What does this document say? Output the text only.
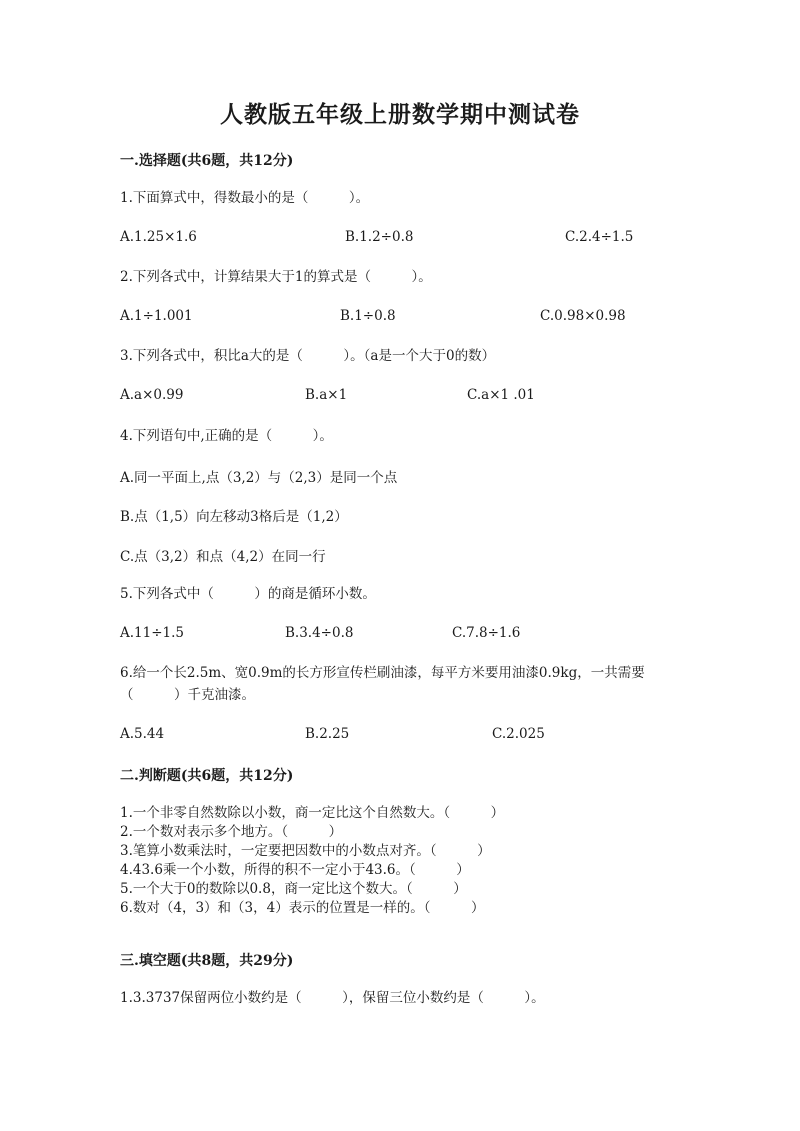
人教版五年级上册数学期中测试卷
一.选择题(共6题，共12分)
1.下面算式中，得数最小的是（　　　）。
A.1.25×1.6	B.1.2÷0.8	C.2.4÷1.5
2.下列各式中，计算结果大于1的算式是（　　　）。
A.1÷1.001	B.1÷0.8	C.0.98×0.98
3.下列各式中，积比a大的是（　　　）。（a是一个大于0的数）
A.a×0.99	B.a×1	C.a×1 .01
4.下列语句中,正确的是（　　　）。
A.同一平面上,点（3,2）与（2,3）是同一个点
B.点（1,5）向左移动3格后是（1,2）
C.点（3,2）和点（4,2）在同一行
5.下列各式中（　　　）的商是循环小数。
A.11÷1.5	B.3.4÷0.8	C.7.8÷1.6
6.给一个长2.5m、宽0.9m的长方形宣传栏刷油漆，每平方米要用油漆0.9kg，一共需要（　　　）千克油漆。
A.5.44	B.2.25	C.2.025
二.判断题(共6题，共12分)
1.一个非零自然数除以小数，商一定比这个自然数大。（　　　）
2.一个数对表示多个地方。（　　　）
3.笔算小数乘法时，一定要把因数中的小数点对齐。（　　　）
4.43.6乘一个小数，所得的积不一定小于43.6。（　　　）
5.一个大于0的数除以0.8，商一定比这个数大。（　　　）
6.数对（4，3）和（3，4）表示的位置是一样的。（　　　）
三.填空题(共8题，共29分)
1.3.3737保留两位小数约是（　　　），保留三位小数约是（　　　）。
